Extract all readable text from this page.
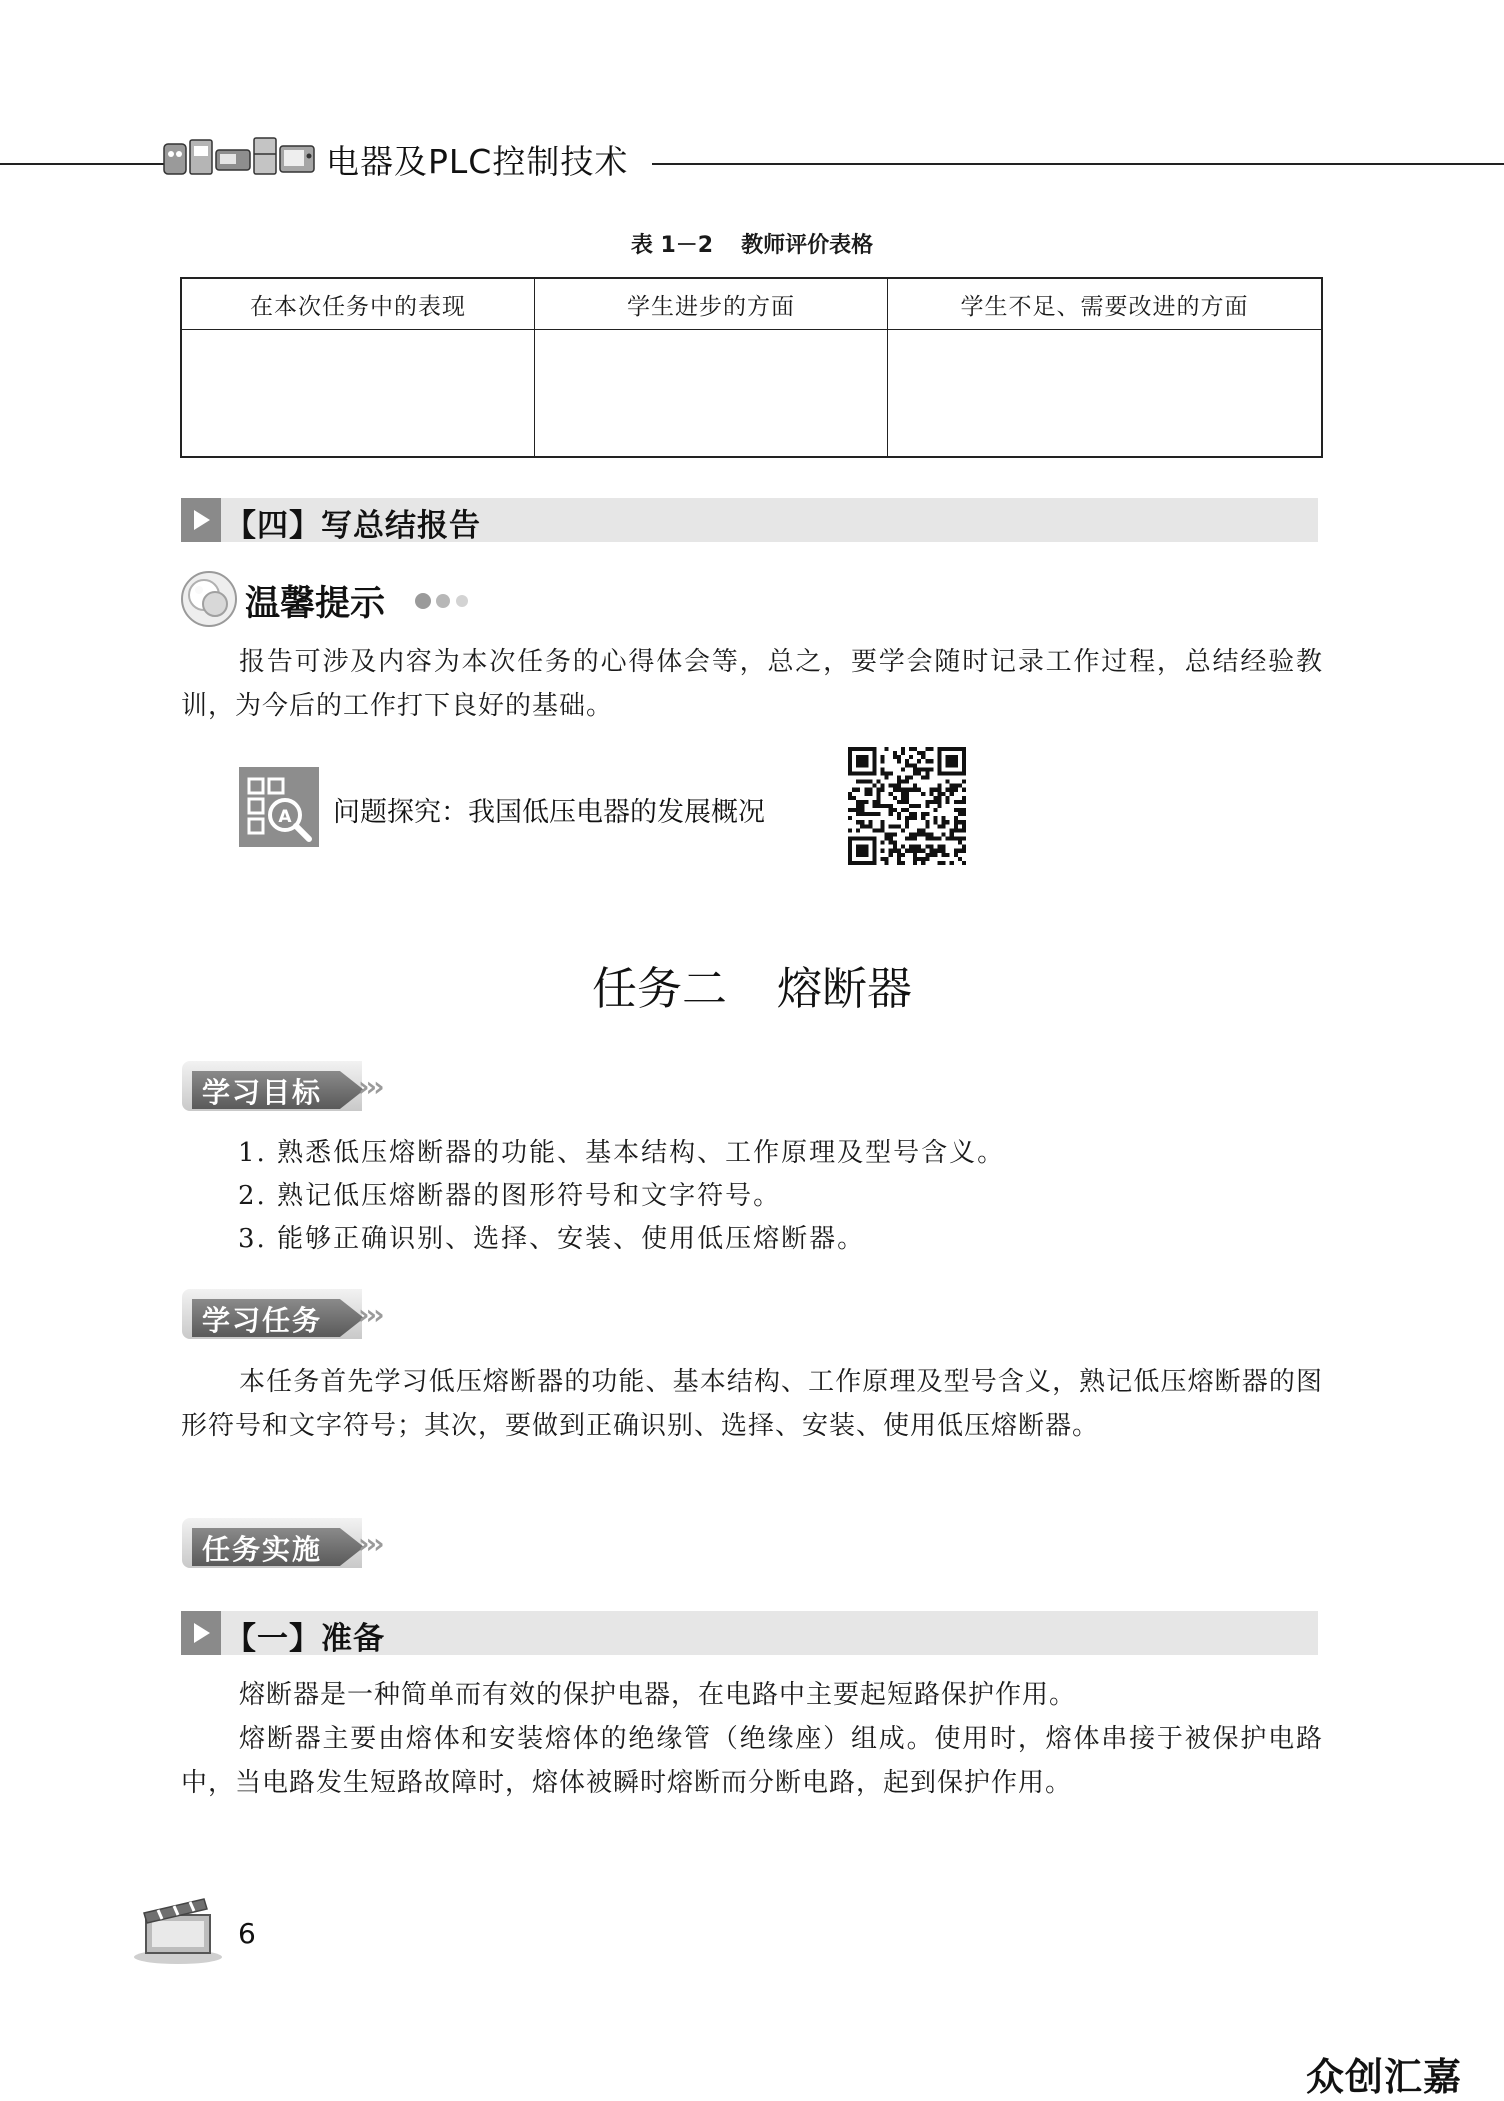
电器及PLC控制技术
表 1－2 教师评价表格
在本次任务中的表现	学生进步的方面	学生不足、需要改进的方面

【四】写总结报告
温馨提示
报告可涉及内容为本次任务的心得体会等，总之，要学会随时记录工作过程，总结经验教训，为今后的工作打下良好的基础。
A 问题探究：我国低压电器的发展概况
任务二 熔断器
学习目标 ›››
1. 熟悉低压熔断器的功能、基本结构、工作原理及型号含义。
2. 熟记低压熔断器的图形符号和文字符号。
3. 能够正确识别、选择、安装、使用低压熔断器。
学习任务 ›››
本任务首先学习低压熔断器的功能、基本结构、工作原理及型号含义，熟记低压熔断器的图形符号和文字符号；其次，要做到正确识别、选择、安装、使用低压熔断器。
任务实施 ›››
【一】准备
熔断器是一种简单而有效的保护电器，在电路中主要起短路保护作用。
熔断器主要由熔体和安装熔体的绝缘管（绝缘座）组成。使用时，熔体串接于被保护电路中，当电路发生短路故障时，熔体被瞬时熔断而分断电路，起到保护作用。
6
众创汇嘉
